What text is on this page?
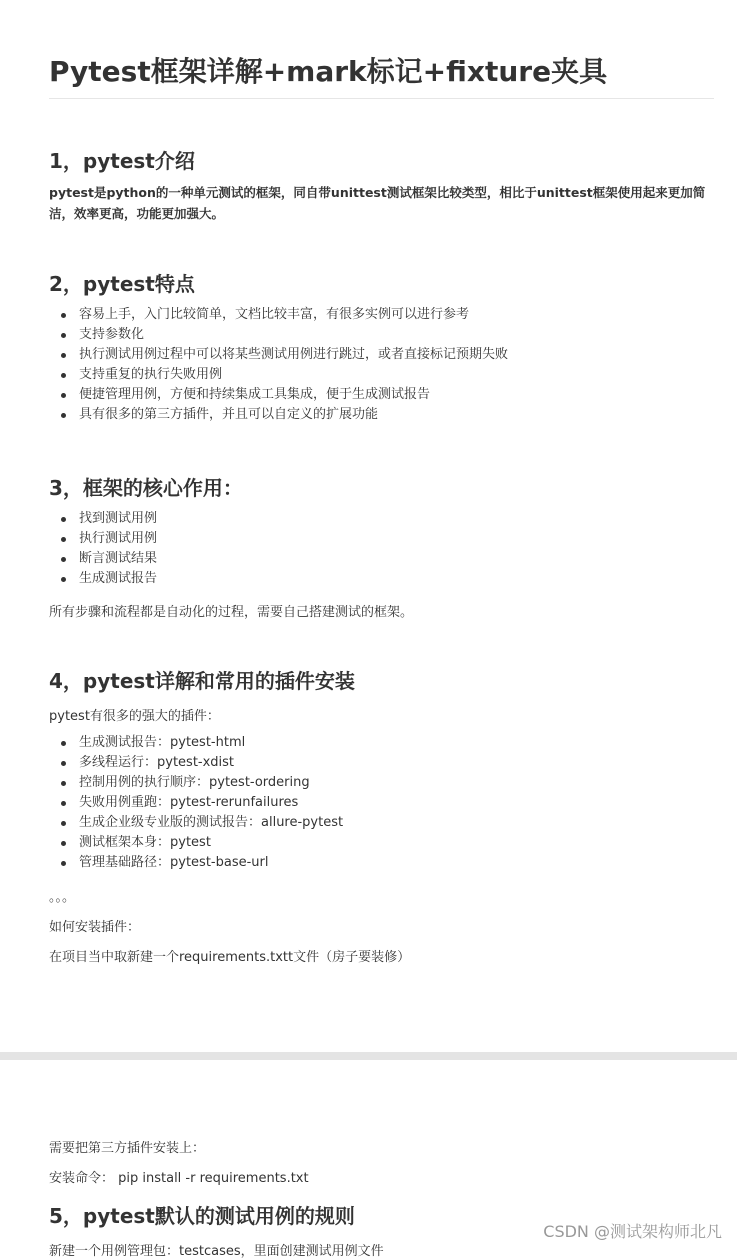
Pytest框架详解+mark标记+fixture夹具
1，pytest介绍

pytest是python的一种单元测试的框架，同自带unittest测试框架比较类型，相比于unittest框架使用起来更加简洁，效率更高，功能更加强大。

2，pytest特点
容易上手，入门比较简单，文档比较丰富，有很多实例可以进行参考
支持参数化
执行测试用例过程中可以将某些测试用例进行跳过，或者直接标记预期失败
支持重复的执行失败用例
便捷管理用例，方便和持续集成工具集成，便于生成测试报告
具有很多的第三方插件，并且可以自定义的扩展功能
3，框架的核心作用：
找到测试用例
执行测试用例
断言测试结果
生成测试报告

所有步骤和流程都是自动化的过程，需要自己搭建测试的框架。

4，pytest详解和常用的插件安装

pytest有很多的强大的插件：

生成测试报告：pytest-html
多线程运行：pytest-xdist
控制用例的执行顺序：pytest-ordering
失败用例重跑：pytest-rerunfailures
生成企业级专业版的测试报告：allure-pytest
测试框架本身：pytest
管理基础路径：pytest-base-url

。。。

如何安装插件：

在项目当中取新建一个requirements.txtt文件（房子要装修）

需要把第三方插件安装上：

安装命令： pip install -r requirements.txt

5，pytest默认的测试用例的规则

新建一个用例管理包：testcases，里面创建测试用例文件

CSDN @测试架构师北凡
